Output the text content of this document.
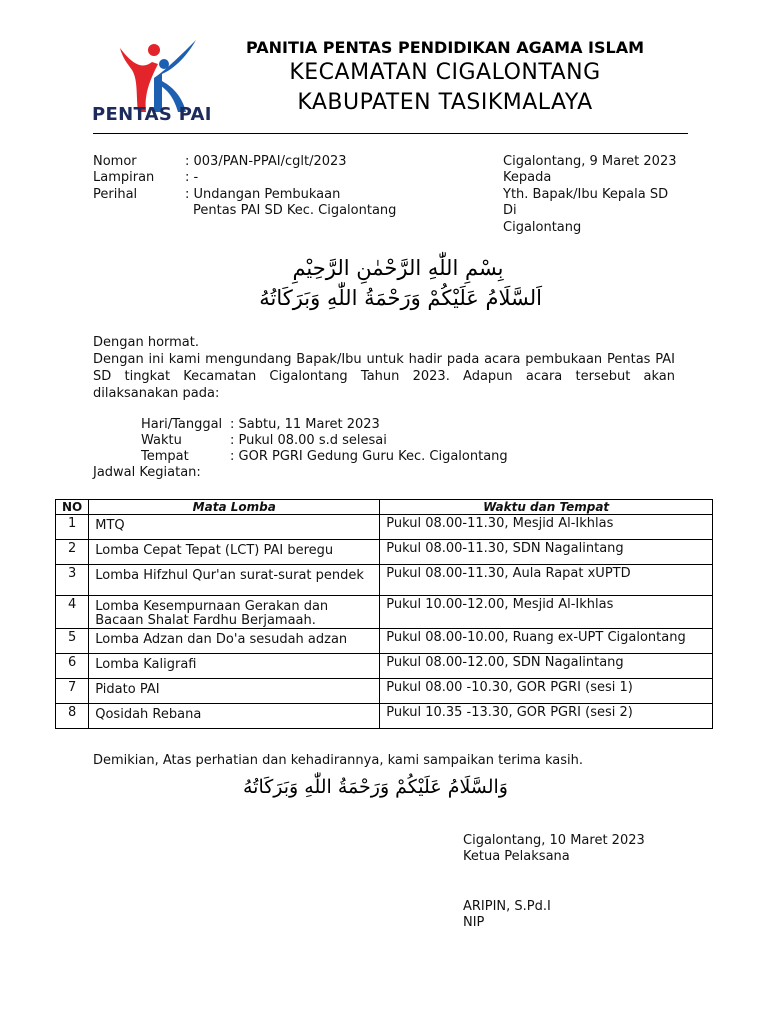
PENTAS PAI
PANITIA PENTAS PENDIDIKAN AGAMA ISLAM
KECAMATAN CIGALONTANG
KABUPATEN TASIKMALAYA
Nomor	: 003/PAN-PPAI/cglt/2023
Lampiran : -
Perihal	: Undangan Pembukaan
Pentas PAI SD Kec. Cigalontang
Cigalontang, 9 Maret 2023
Kepada
Yth. Bapak/Ibu Kepala SD
Di
Cigalontang
بِسْمِ اللّٰهِ الرَّحْمٰنِ الرَّحِيْمِ
اَلسَّلَامُ عَلَيْكُمْ وَرَحْمَةُ اللّٰهِ وَبَرَكَاتُهُ
Dengan hormat.
Dengan ini kami mengundang Bapak/Ibu untuk hadir pada acara pembukaan Pentas PAI SD tingkat Kecamatan Cigalontang Tahun 2023. Adapun acara tersebut akan dilaksanakan pada:
Hari/Tanggal : Sabtu, 11 Maret 2023
Waktu	: Pukul 08.00 s.d selesai
Tempat	: GOR PGRI Gedung Guru Kec. Cigalontang
Jadwal Kegiatan:
NO	Mata Lomba	Waktu dan Tempat
1	MTQ	Pukul 08.00-11.30, Mesjid Al-Ikhlas
2	Lomba Cepat Tepat (LCT) PAI beregu	Pukul 08.00-11.30, SDN Nagalintang
3	Lomba Hifzhul Qur'an surat-surat pendek	Pukul 08.00-11.30, Aula Rapat xUPTD
4	Lomba Kesempurnaan Gerakan dan Bacaan Shalat Fardhu Berjamaah.	Pukul 10.00-12.00, Mesjid Al-Ikhlas
5	Lomba Adzan dan Do'a sesudah adzan	Pukul 08.00-10.00, Ruang ex-UPT Cigalontang
6	Lomba Kaligrafi	Pukul 08.00-12.00, SDN Nagalintang
7	Pidato PAI	Pukul 08.00 -10.30, GOR PGRI (sesi 1)
8	Qosidah Rebana	Pukul 10.35 -13.30, GOR PGRI (sesi 2)
Demikian, Atas perhatian dan kehadirannya, kami sampaikan terima kasih.
وَالسَّلَامُ عَلَيْكُمْ وَرَحْمَةُ اللّٰهِ وَبَرَكَاتُهُ
Cigalontang, 10 Maret 2023
Ketua Pelaksana
ARIPIN, S.Pd.I
NIP
